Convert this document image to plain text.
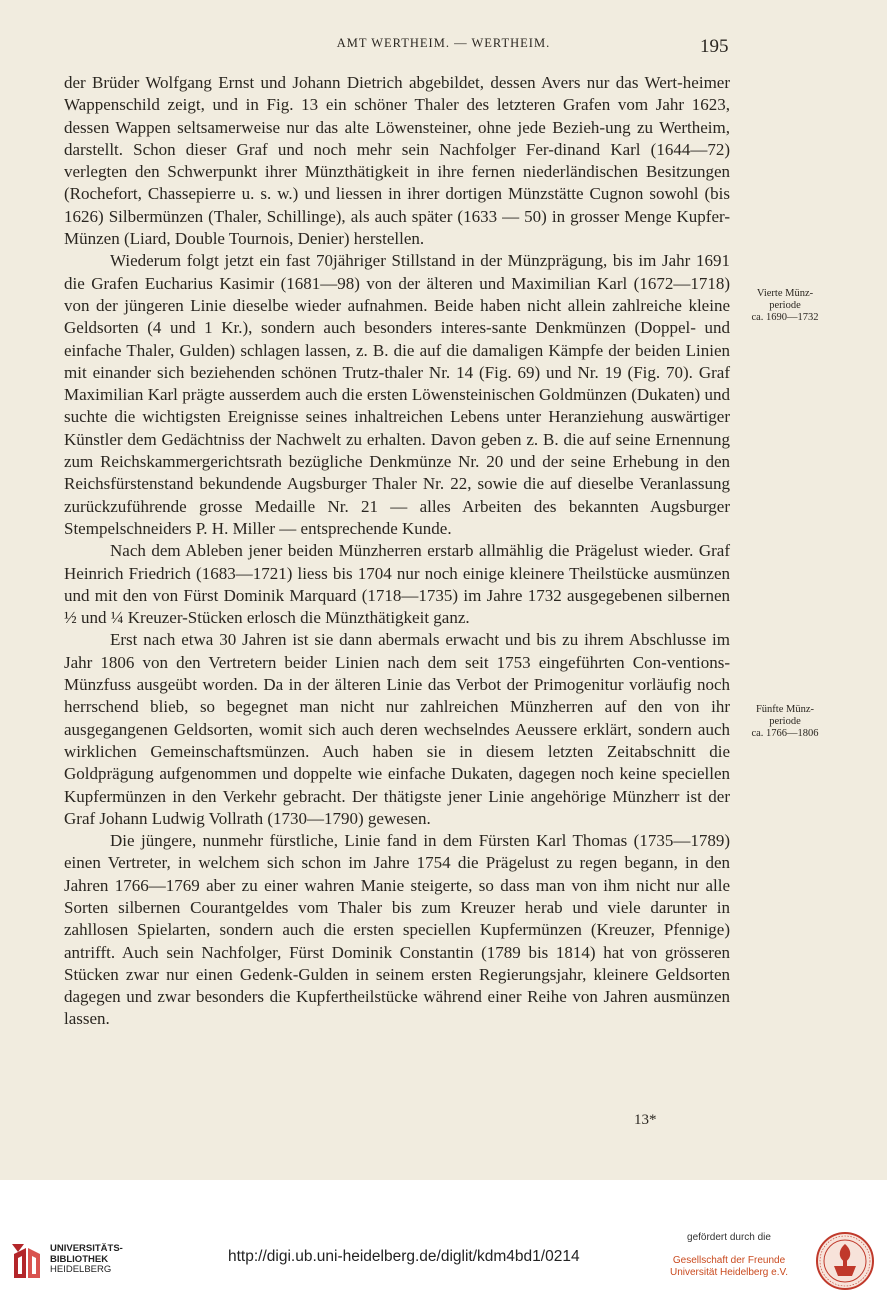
AMT WERTHEIM. — WERTHEIM.	195

der Brüder Wolfgang Ernst und Johann Dietrich abgebildet, dessen Avers nur das Wert-heimer Wappenschild zeigt, und in Fig. 13 ein schöner Thaler des letzteren Grafen vom Jahr 1623, dessen Wappen seltsamerweise nur das alte Löwensteiner, ohne jede Bezieh-ung zu Wertheim, darstellt. Schon dieser Graf und noch mehr sein Nachfolger Fer-dinand Karl (1644—72) verlegten den Schwerpunkt ihrer Münzthätigkeit in ihre fernen niederländischen Besitzungen (Rochefort, Chassepierre u. s. w.) und liessen in ihrer dortigen Münzstätte Cugnon sowohl (bis 1626) Silbermünzen (Thaler, Schillinge), als auch später (1633 — 50) in grosser Menge Kupfer-Münzen (Liard, Double Tournois, Denier) herstellen.

Wiederum folgt jetzt ein fast 70jähriger Stillstand in der Münzprägung, bis im Jahr 1691 die Grafen Eucharius Kasimir (1681—98) von der älteren und Maximilian Karl (1672—1718) von der jüngeren Linie dieselbe wieder aufnahmen. Beide haben nicht allein zahlreiche kleine Geldsorten (4 und 1 Kr.), sondern auch besonders interes-sante Denkmünzen (Doppel- und einfache Thaler, Gulden) schlagen lassen, z. B. die auf die damaligen Kämpfe der beiden Linien mit einander sich beziehenden schönen Trutz-thaler Nr. 14 (Fig. 69) und Nr. 19 (Fig. 70). Graf Maximilian Karl prägte ausserdem auch die ersten Löwensteinischen Goldmünzen (Dukaten) und suchte die wichtigsten Ereignisse seines inhaltreichen Lebens unter Heranziehung auswärtiger Künstler dem Gedächtniss der Nachwelt zu erhalten. Davon geben z. B. die auf seine Ernennung zum Reichskammergerichtsrath bezügliche Denkmünze Nr. 20 und der seine Erhebung in den Reichsfürstenstand bekundende Augsburger Thaler Nr. 22, sowie die auf dieselbe Veranlassung zurückzuführende grosse Medaille Nr. 21 — alles Arbeiten des bekannten Augsburger Stempelschneiders P. H. Miller — entsprechende Kunde.

Nach dem Ableben jener beiden Münzherren erstarb allmählig die Prägelust wieder. Graf Heinrich Friedrich (1683—1721) liess bis 1704 nur noch einige kleinere Theilstücke ausmünzen und mit den von Fürst Dominik Marquard (1718—1735) im Jahre 1732 ausgegebenen silbernen ½ und ¼ Kreuzer-Stücken erlosch die Münzthätigkeit ganz.

Erst nach etwa 30 Jahren ist sie dann abermals erwacht und bis zu ihrem Abschlusse im Jahr 1806 von den Vertretern beider Linien nach dem seit 1753 eingeführten Con-ventions-Münzfuss ausgeübt worden. Da in der älteren Linie das Verbot der Primogenitur vorläufig noch herrschend blieb, so begegnet man nicht nur zahlreichen Münzherren auf den von ihr ausgegangenen Geldsorten, womit sich auch deren wechselndes Aeussere erklärt, sondern auch wirklichen Gemeinschaftsmünzen. Auch haben sie in diesem letzten Zeitabschnitt die Goldprägung aufgenommen und doppelte wie einfache Dukaten, dagegen noch keine speciellen Kupfermünzen in den Verkehr gebracht. Der thätigste jener Linie angehörige Münzherr ist der Graf Johann Ludwig Vollrath (1730—1790) gewesen.

Die jüngere, nunmehr fürstliche, Linie fand in dem Fürsten Karl Thomas (1735—1789) einen Vertreter, in welchem sich schon im Jahre 1754 die Prägelust zu regen begann, in den Jahren 1766—1769 aber zu einer wahren Manie steigerte, so dass man von ihm nicht nur alle Sorten silbernen Courantgeldes vom Thaler bis zum Kreuzer herab und viele darunter in zahllosen Spielarten, sondern auch die ersten speciellen Kupfermünzen (Kreuzer, Pfennige) antrifft. Auch sein Nachfolger, Fürst Dominik Constantin (1789 bis 1814) hat von grösseren Stücken zwar nur einen Gedenk-Gulden in seinem ersten Regierungsjahr, kleinere Geldsorten dagegen und zwar besonders die Kupfertheilstücke während einer Reihe von Jahren ausmünzen lassen.

Vierte Münz-
periode
ca. 1690—1732
Fünfte Münz-
periode
ca. 1766—1806
13*
UNIVERSITÄTS-
BIBLIOTHEK
HEIDELBERG
http://digi.ub.uni-heidelberg.de/diglit/kdm4bd1/0214
gefördert durch die
Gesellschaft der Freunde
Universität Heidelberg e.V.
